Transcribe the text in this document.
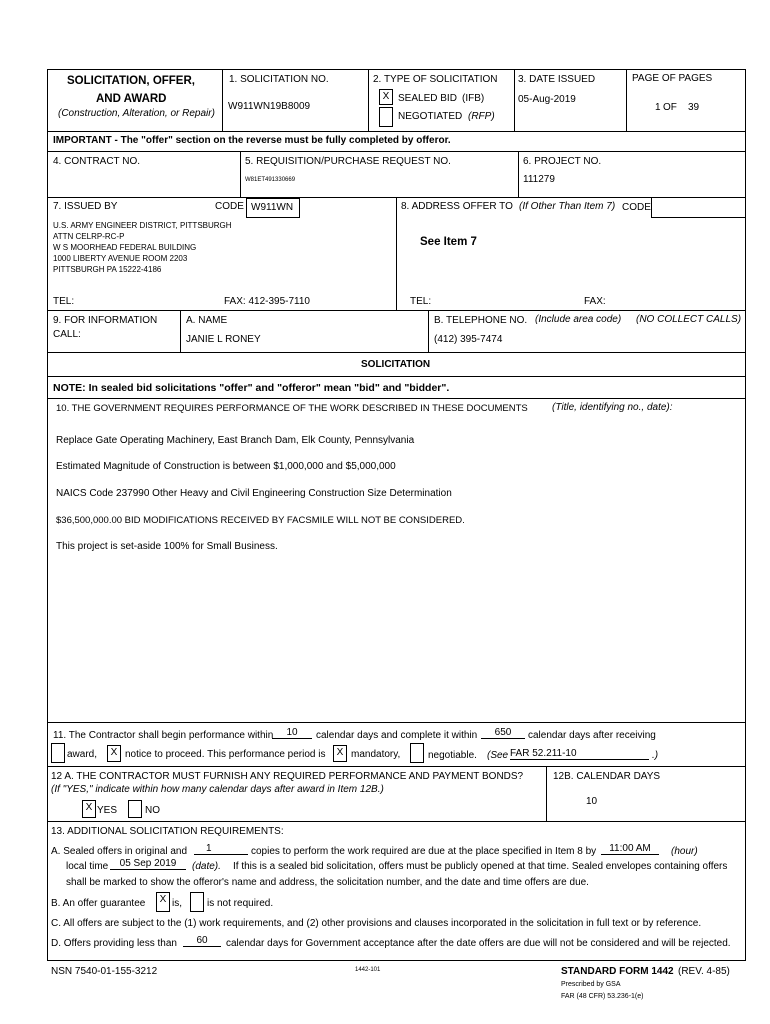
SOLICITATION, OFFER,
AND AWARD
(Construction, Alteration, or Repair)
1. SOLICITATION NO.
W911WN19B8009
2. TYPE OF SOLICITATION
X SEALED BID (IFB)
NEGOTIATED (RFP)
3. DATE ISSUED
05-Aug-2019
PAGE OF PAGES
1 OF 39
IMPORTANT - The "offer" section on the reverse must be fully completed by offeror.
4. CONTRACT NO.	5. REQUISITION/PURCHASE REQUEST NO.
W81ET491330669
6. PROJECT NO.
111279
7. ISSUED BY	CODE W911WN
U.S. ARMY ENGINEER DISTRICT, PITTSBURGH
ATTN CELRP-RC-P
W S MOORHEAD FEDERAL BUILDING
1000 LIBERTY AVENUE ROOM 2203
PITTSBURGH PA 15222-4186
TEL:	FAX: 412-395-7110
8. ADDRESS OFFER TO (If Other Than Item 7) CODE
See Item 7
TEL:	FAX:
9. FOR INFORMATION
CALL:
A. NAME
JANIE L RONEY
B. TELEPHONE NO. (Include area code) (NO COLLECT CALLS)
(412) 395-7474
SOLICITATION
NOTE: In sealed bid solicitations "offer" and "offeror" mean "bid" and "bidder".
10. THE GOVERNMENT REQUIRES PERFORMANCE OF THE WORK DESCRIBED IN THESE DOCUMENTS (Title, identifying no., date):
Replace Gate Operating Machinery, East Branch Dam, Elk County, Pennsylvania
Estimated Magnitude of Construction is between $1,000,000 and $5,000,000
NAICS Code 237990 Other Heavy and Civil Engineering Construction Size Determination
$36,500,000.00 BID MODIFICATIONS RECEIVED BY FACSMILE WILL NOT BE CONSIDERED.
This project is set-aside 100% for Small Business.
11. The Contractor shall begin performance within	10	calendar days and complete it within	650	calendar days after receiving
award,	X notice to proceed. This performance period is	X mandatory,	negotiable. (See FAR 52.211-10	.)
12 A. THE CONTRACTOR MUST FURNISH ANY REQUIRED PERFORMANCE AND PAYMENT BONDS?
(If "YES," indicate within how many calendar days after award in Item 12B.)
X YES	NO
12B. CALENDAR DAYS
10
13. ADDITIONAL SOLICITATION REQUIREMENTS:
A. Sealed offers in original and	1	copies to perform the work required are due at the place specified in Item 8 by	11:00 AM	(hour)
local time	05 Sep 2019	(date). If this is a sealed bid solicitation, offers must be publicly opened at that time. Sealed envelopes containing offers
shall be marked to show the offeror's name and address, the solicitation number, and the date and time offers are due.
B. An offer guarantee	X is,	is not required.
C. All offers are subject to the (1) work requirements, and (2) other provisions and clauses incorporated in the solicitation in full text or by reference.
D. Offers providing less than	60	calendar days for Government acceptance after the date offers are due will not be considered and will be rejected.
NSN 7540-01-155-3212	1442-101	STANDARD FORM 1442 (REV. 4-85)
Prescribed by GSA
FAR (48 CFR) 53.236-1(e)
